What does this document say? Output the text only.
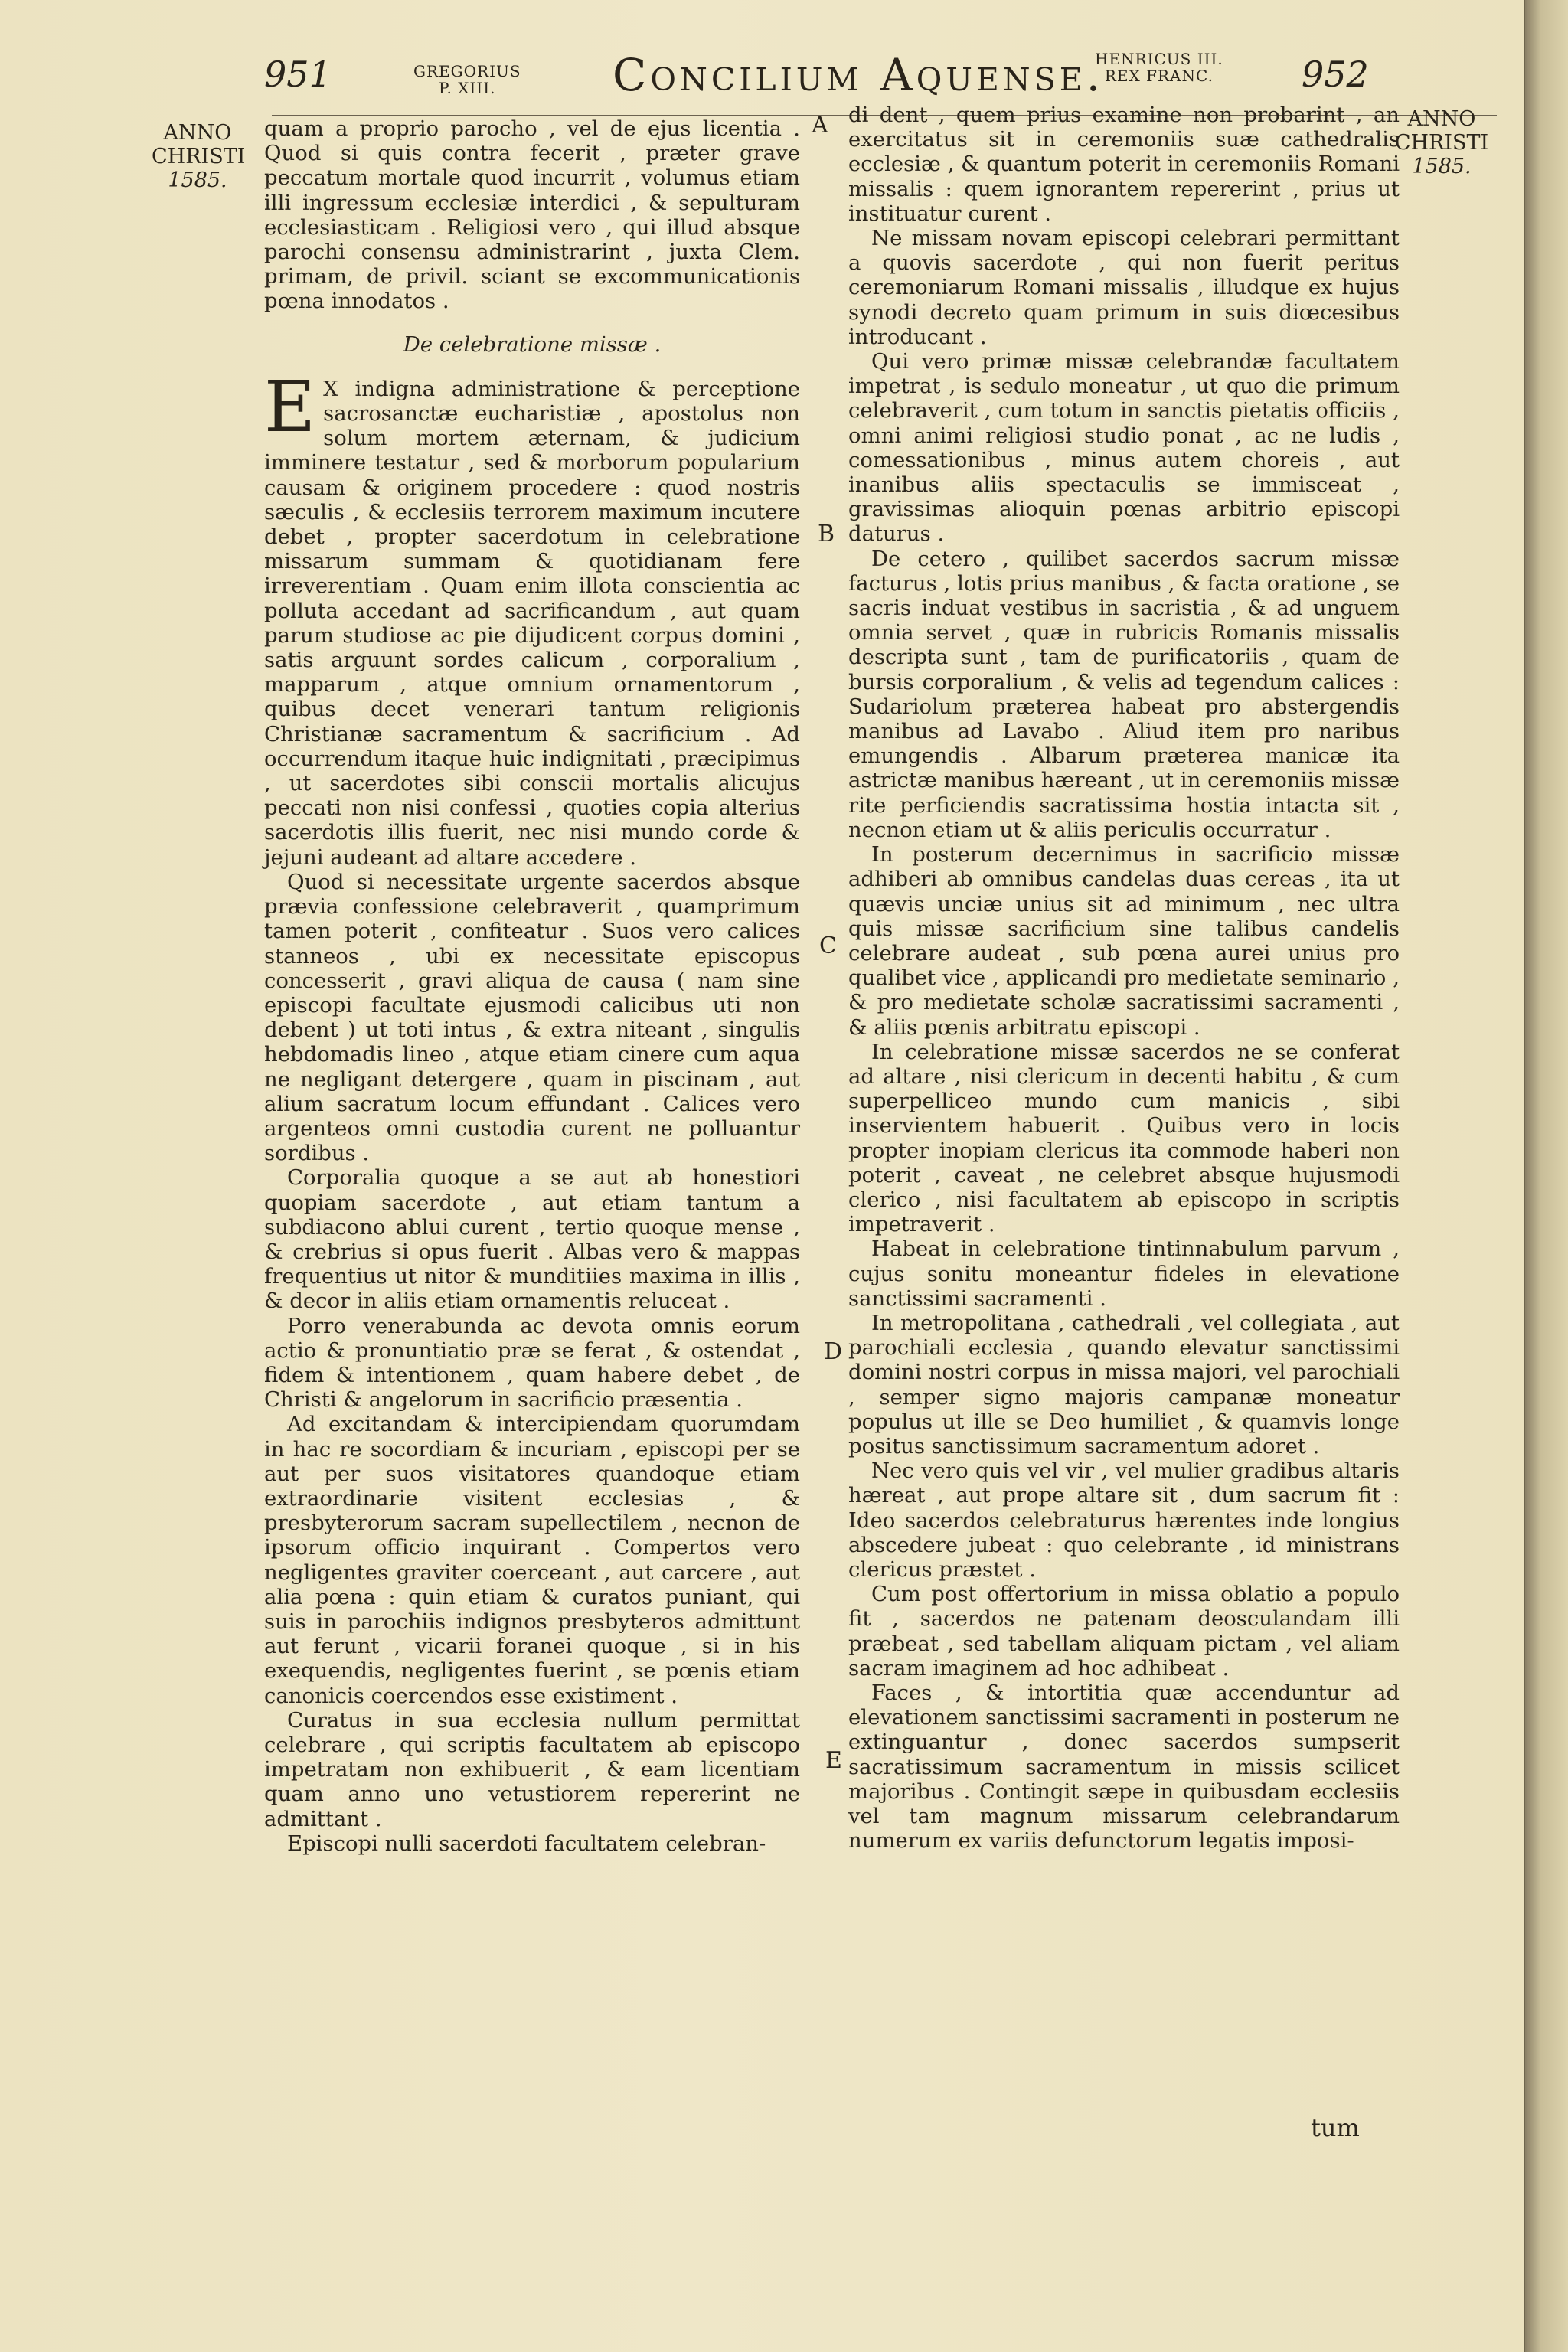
951	GREGORIUS
P. XIII.	Concilium Aquense.
HENRICUS III.
REX FRANC.	952
ANNO
CHRISTI
1585.
ANNO
CHRISTI
1585.
A
B
C
D
E

quam a proprio parocho , vel de ejus licentia . Quod si quis contra fecerit , præter grave peccatum mortale quod incurrit , volumus etiam illi ingressum ecclesiæ interdici , & sepulturam ecclesiasticam . Religiosi vero , qui illud absque parochi consensu administrarint , juxta Clem. primam, de privil. sciant se excommunicationis pœna innodatos .

De celebratione missæ .

E X indigna administratione & perceptione sacrosanctæ eucharistiæ , apostolus non solum mortem æternam, & judicium imminere testatur , sed & morborum popularium causam & originem procedere : quod nostris sæculis , & ecclesiis terrorem maximum incutere debet , propter sacerdotum in celebratione missarum summam & quotidianam fere irreverentiam . Quam enim illota conscientia ac polluta accedant ad sacrificandum , aut quam parum studiose ac pie dijudicent corpus domini , satis arguunt sordes calicum , corporalium , mapparum , atque omnium ornamentorum , quibus decet venerari tantum religionis Christianæ sacramentum & sacrificium . Ad occurrendum itaque huic indignitati , præcipimus , ut sacerdotes sibi conscii mortalis alicujus peccati non nisi confessi , quoties copia alterius sacerdotis illis fuerit, nec nisi mundo corde & jejuni audeant ad altare accedere .

Quod si necessitate urgente sacerdos absque prævia confessione celebraverit , quamprimum tamen poterit , confiteatur . Suos vero calices stanneos , ubi ex necessitate episcopus concesserit , gravi aliqua de causa ( nam sine episcopi facultate ejusmodi calicibus uti non debent ) ut toti intus , & extra niteant , singulis hebdomadis lineo , atque etiam cinere cum aqua ne negligant detergere , quam in piscinam , aut alium sacratum locum effundant . Calices vero argenteos omni custodia curent ne polluantur sordibus .

Corporalia quoque a se aut ab honestiori quopiam sacerdote , aut etiam tantum a subdiacono ablui curent , tertio quoque mense , & crebrius si opus fuerit . Albas vero & mappas frequentius ut nitor & munditiies maxima in illis , & decor in aliis etiam ornamentis reluceat .

Porro venerabunda ac devota omnis eorum actio & pronuntiatio præ se ferat , & ostendat , fidem & intentionem , quam habere debet , de Christi & angelorum in sacrificio præsentia .

Ad excitandam & intercipiendam quorumdam in hac re socordiam & incuriam , episcopi per se aut per suos visitatores quandoque etiam extraordinarie visitent ecclesias , & presbyterorum sacram supellectilem , necnon de ipsorum officio inquirant . Compertos vero negligentes graviter coerceant , aut carcere , aut alia pœna : quin etiam & curatos puniant, qui suis in parochiis indignos presbyteros admittunt aut ferunt , vicarii foranei quoque , si in his exequendis, negligentes fuerint , se pœnis etiam canonicis coercendos esse existiment .

Curatus in sua ecclesia nullum permittat celebrare , qui scriptis facultatem ab episcopo impetratam non exhibuerit , & eam licentiam quam anno uno vetustiorem repererint ne admittant .

Episcopi nulli sacerdoti facultatem celebran-

di dent , quem prius examine non probarint , an exercitatus sit in ceremoniis suæ cathedralis ecclesiæ , & quantum poterit in ceremoniis Romani missalis : quem ignorantem repererint , prius ut instituatur curent .

Ne missam novam episcopi celebrari permittant a quovis sacerdote , qui non fuerit peritus ceremoniarum Romani missalis , illudque ex hujus synodi decreto quam primum in suis diœcesibus introducant .

Qui vero primæ missæ celebrandæ facultatem impetrat , is sedulo moneatur , ut quo die primum celebraverit , cum totum in sanctis pietatis officiis , omni animi religiosi studio ponat , ac ne ludis , comessationibus , minus autem choreis , aut inanibus aliis spectaculis se immisceat , gravissimas alioquin pœnas arbitrio episcopi daturus .

De cetero , quilibet sacerdos sacrum missæ facturus , lotis prius manibus , & facta oratione , se sacris induat vestibus in sacristia , & ad unguem omnia servet , quæ in rubricis Romanis missalis descripta sunt , tam de purificatoriis , quam de bursis corporalium , & velis ad tegendum calices : Sudariolum præterea habeat pro abstergendis manibus ad Lavabo . Aliud item pro naribus emungendis . Albarum præterea manicæ ita astrictæ manibus hæreant , ut in ceremoniis missæ rite perficiendis sacratissima hostia intacta sit , necnon etiam ut & aliis periculis occurratur .

In posterum decernimus in sacrificio missæ adhiberi ab omnibus candelas duas cereas , ita ut quævis unciæ unius sit ad minimum , nec ultra quis missæ sacrificium sine talibus candelis celebrare audeat , sub pœna aurei unius pro qualibet vice , applicandi pro medietate seminario , & pro medietate scholæ sacratissimi sacramenti , & aliis pœnis arbitratu episcopi .

In celebratione missæ sacerdos ne se conferat ad altare , nisi clericum in decenti habitu , & cum superpelliceo mundo cum manicis , sibi inservientem habuerit . Quibus vero in locis propter inopiam clericus ita commode haberi non poterit , caveat , ne celebret absque hujusmodi clerico , nisi facultatem ab episcopo in scriptis impetraverit .

Habeat in celebratione tintinnabulum parvum , cujus sonitu moneantur fideles in elevatione sanctissimi sacramenti .

In metropolitana , cathedrali , vel collegiata , aut parochiali ecclesia , quando elevatur sanctissimi domini nostri corpus in missa majori, vel parochiali , semper signo majoris campanæ moneatur populus ut ille se Deo humiliet , & quamvis longe positus sanctissimum sacramentum adoret .

Nec vero quis vel vir , vel mulier gradibus altaris hæreat , aut prope altare sit , dum sacrum fit : Ideo sacerdos celebraturus hærentes inde longius abscedere jubeat : quo celebrante , id ministrans clericus præstet .

Cum post offertorium in missa oblatio a populo fit , sacerdos ne patenam deosculandam illi præbeat , sed tabellam aliquam pictam , vel aliam sacram imaginem ad hoc adhibeat .

Faces , & intortitia quæ accenduntur ad elevationem sanctissimi sacramenti in posterum ne extinguantur , donec sacerdos sumpserit sacratissimum sacramentum in missis scilicet majoribus . Contingit sæpe in quibusdam ecclesiis vel tam magnum missarum celebrandarum numerum ex variis defunctorum legatis imposi-

tum
